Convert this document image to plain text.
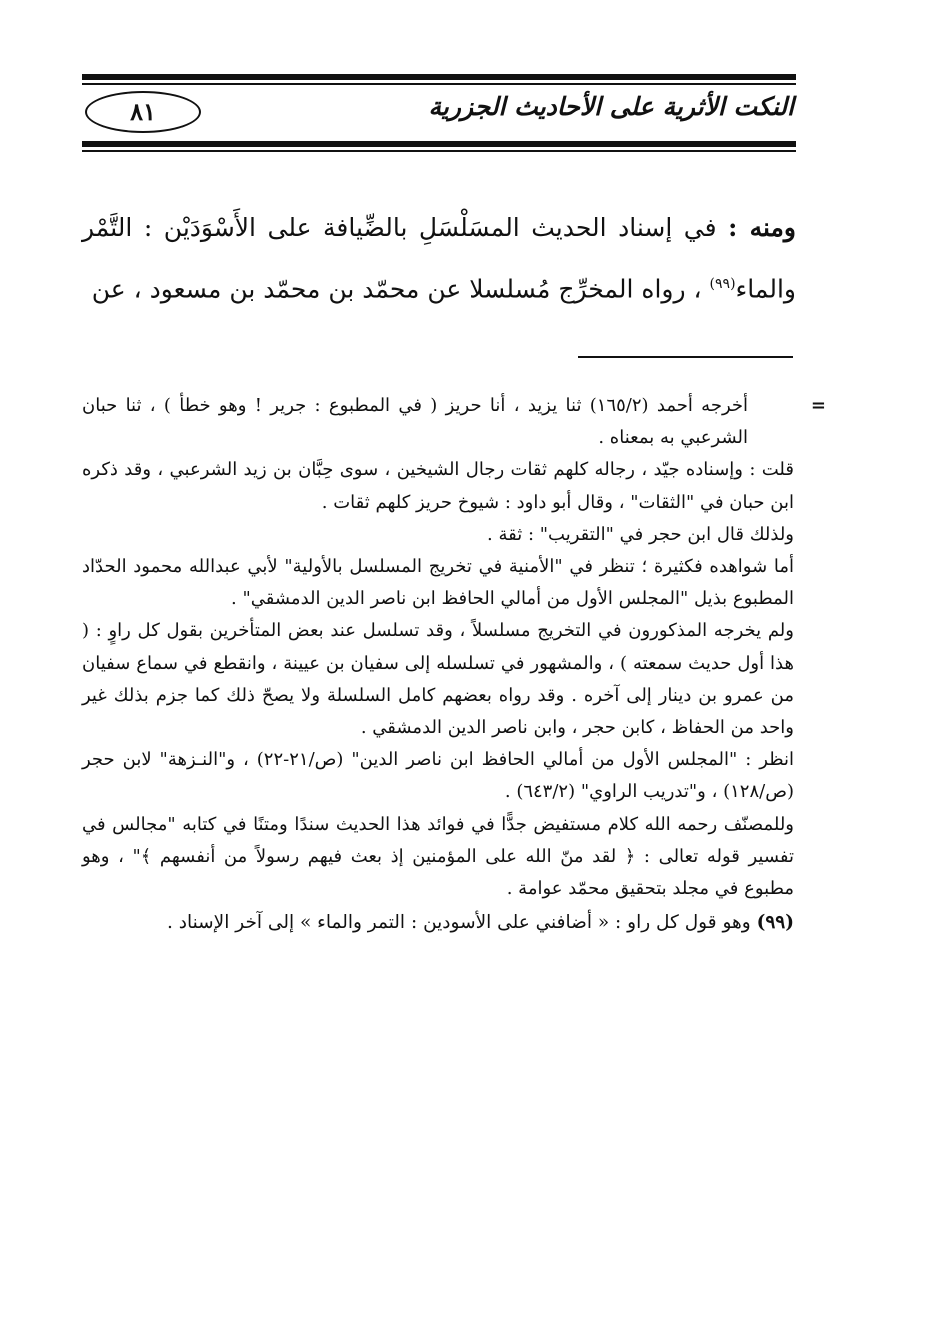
النكت الأثرية على الأحاديث الجزرية
٨١
ومنه : في إسناد الحديث المسَلْسَلِ بالضِّيافة على الأَسْوَدَيْن : التَّمْر والماء$^{(٩٩)}$ ، رواه المخرِّج مُسلسلا عن محمّد بن محمّد بن مسعود ، عن
=

أخرجه أحمد (١٦٥/٢) ثنا يزيد ، أنا حريز ( في المطبوع : جرير ! وهو خطأ ) ، ثنا حبان الشرعبي به بمعناه .

قلت : وإسناده جيّد ، رجاله كلهم ثقات رجال الشيخين ، سوى حِبَّان بن زيد الشرعبي ، وقد ذكره ابن حبان في "الثقات" ، وقال أبو داود : شيوخ حريز كلهم ثقات .

ولذلك قال ابن حجر في "التقريب" : ثقة .

أما شواهده فكثيرة ؛ تنظر في "الأمنية في تخريج المسلسل بالأولية" لأبي عبدالله محمود الحدّاد المطبوع بذيل "المجلس الأول من أمالي الحافظ ابن ناصر الدين الدمشقي" .

ولم يخرجه المذكورون في التخريج مسلسلاً ، وقد تسلسل عند بعض المتأخرين بقول كل راوٍ : ( هذا أول حديث سمعته ) ، والمشهور في تسلسله إلى سفيان بن عيينة ، وانقطع في سماع سفيان من عمرو بن دينار إلى آخره . وقد رواه بعضهم كامل السلسلة ولا يصحّ ذلك كما جزم بذلك غير واحد من الحفاظ ، كابن حجر ، وابن ناصر الدين الدمشقي .

انظر : "المجلس الأول من أمالي الحافظ ابن ناصر الدين" (ص/٢١-٢٢) ، و"النـزهة" لابن حجر (ص/١٢٨) ، و"تدريب الراوي" (٦٤٣/٢) .

وللمصنّف رحمه الله كلام مستفيض جدًّا في فوائد هذا الحديث سندًا ومتنًا في كتابه "مجالس في تفسير قوله تعالى : ﴿ لقد منّ الله على المؤمنين إذ بعث فيهم رسولاً من أنفسهم ﴾" ، وهو مطبوع في مجلد بتحقيق محمّد عوامة .

(٩٩) وهو قول كل راو : « أضافني على الأسودين : التمر والماء » إلى آخر الإسناد .
